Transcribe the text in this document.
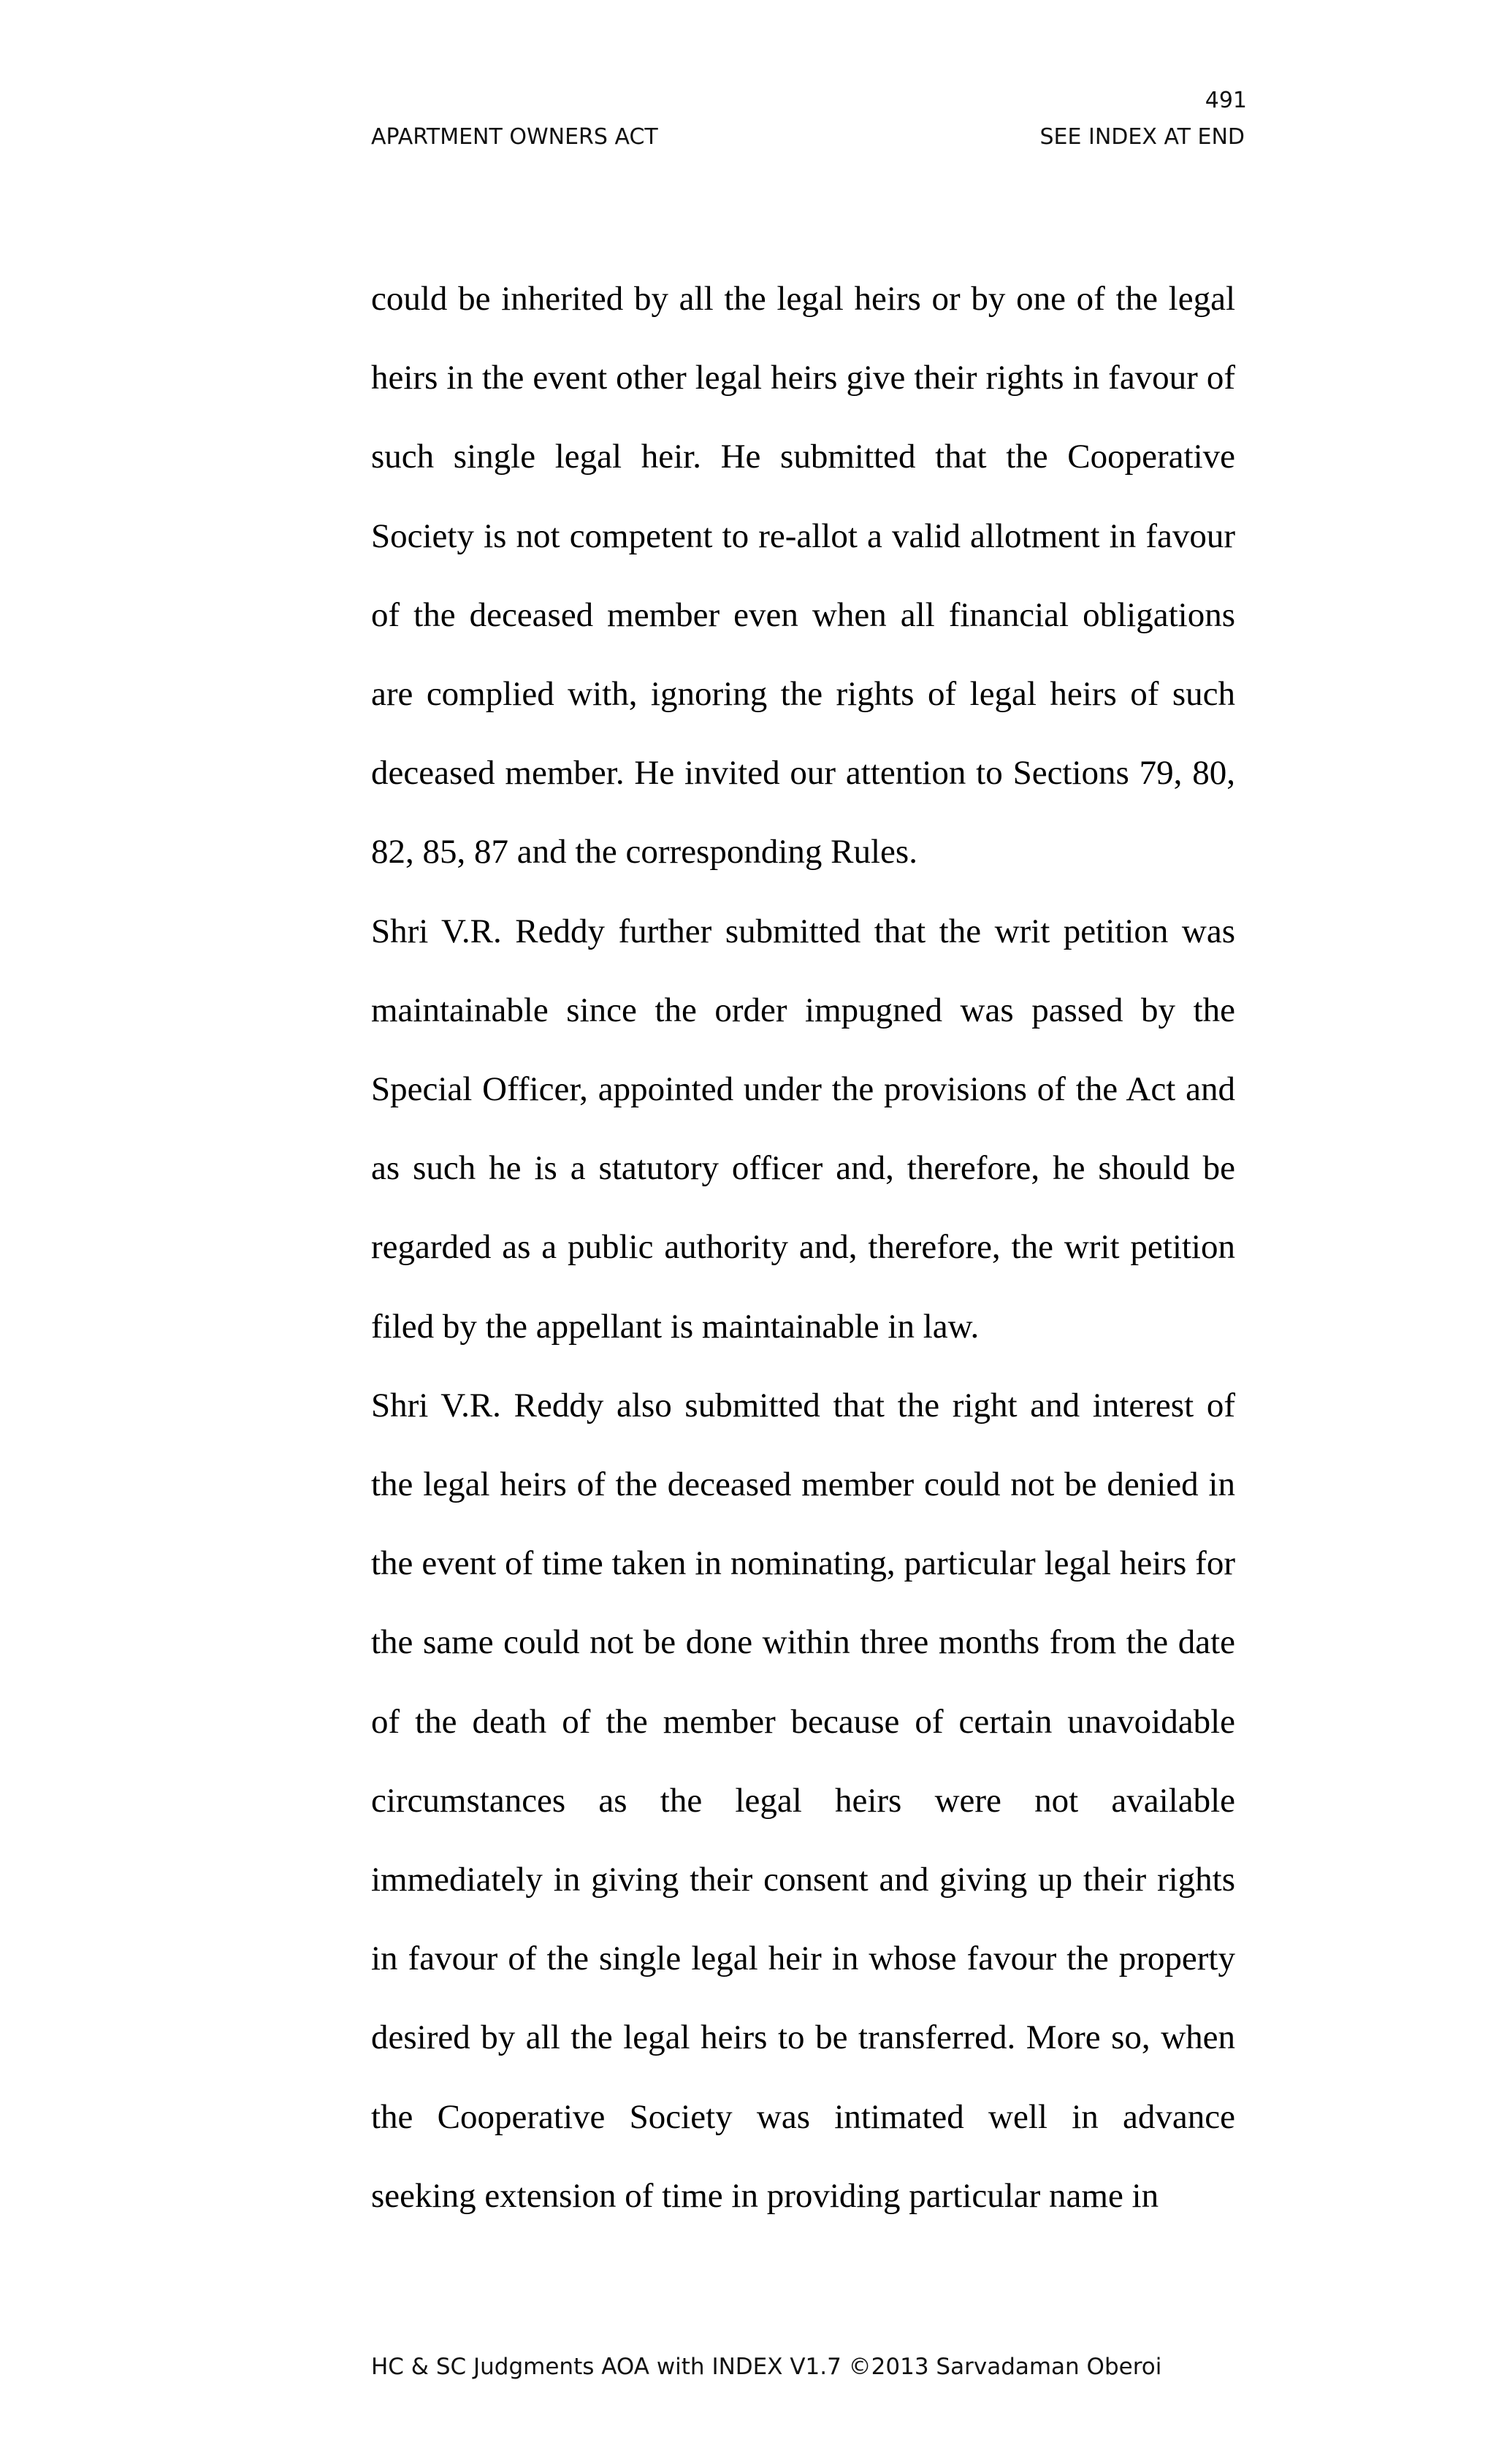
491
APARTMENT OWNERS ACT	SEE INDEX AT END

could be inherited by all the legal heirs or by one of the legal heirs in the event other legal heirs give their rights in favour of such single legal heir. He submitted that the Cooperative Society is not competent to re-allot a valid allotment in favour of the deceased member even when all financial obligations are complied with, ignoring the rights of legal heirs of such deceased member. He invited our attention to Sections 79, 80, 82, 85, 87 and the corresponding Rules.

Shri V.R. Reddy further submitted that the writ petition was maintainable since the order impugned was passed by the Special Officer, appointed under the provisions of the Act and as such he is a statutory officer and, therefore, he should be regarded as a public authority and, therefore, the writ petition filed by the appellant is maintainable in law.

Shri V.R. Reddy also submitted that the right and interest of the legal heirs of the deceased member could not be denied in the event of time taken in nominating, particular legal heirs for the same could not be done within three months from the date of the death of the member because of certain unavoidable circumstances as the legal heirs were not available immediately in giving their consent and giving up their rights in favour of the single legal heir in whose favour the property desired by all the legal heirs to be transferred. More so, when the Cooperative Society was intimated well in advance seeking extension of time in providing particular name in

HC & SC Judgments AOA with INDEX V1.7 ©2013 Sarvadaman Oberoi
